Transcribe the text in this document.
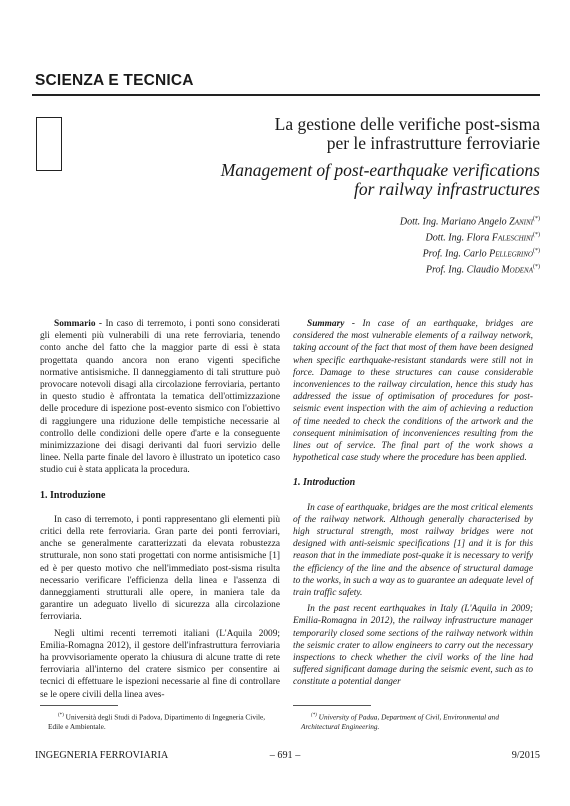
SCIENZA E TECNICA
La gestione delle verifiche post-sisma
per le infrastrutture ferroviarie
Management of post-earthquake verifications
for railway infrastructures
Dott. Ing. Mariano Angelo Zanini(*)
Dott. Ing. Flora Faleschini(*)
Prof. Ing. Carlo Pellegrino(*)
Prof. Ing. Claudio Modena(*)

Sommario - In caso di terremoto, i ponti sono considerati gli elementi più vulnerabili di una rete ferroviaria, tenendo conto anche del fatto che la maggior parte di essi è stata progettata quando ancora non erano vigenti specifiche normative antisismiche. Il danneggiamento di tali strutture può provocare notevoli disagi alla circolazione ferroviaria, pertanto in questo studio è affrontata la tematica dell'ottimizzazione delle procedure di ispezione post-evento sismico con l'obiettivo di raggiungere una riduzione delle tempistiche necessarie al controllo delle condizioni delle opere d'arte e la conseguente minimizzazione dei disagi derivanti dal fuori servizio delle linee. Nella parte finale del lavoro è illustrato un ipotetico caso studio cui è stata applicata la procedura.

1. Introduzione

In caso di terremoto, i ponti rappresentano gli elementi più critici della rete ferroviaria. Gran parte dei ponti ferroviari, anche se generalmente caratterizzati da elevata robustezza strutturale, non sono stati progettati con norme antisismiche [1] ed è per questo motivo che nell'immediato post-sisma risulta necessario verificare l'efficienza della linea e l'assenza di danneggiamenti strutturali alle opere, in maniera tale da garantire un adeguato livello di sicurezza alla circolazione ferroviaria.

Negli ultimi recenti terremoti italiani (L'Aquila 2009; Emilia-Romagna 2012), il gestore dell'infrastruttura ferroviaria ha provvisoriamente operato la chiusura di alcune tratte di rete ferroviaria all'interno del cratere sismico per consentire ai tecnici di effettuare le ispezioni necessarie al fine di controllare se le opere civili della linea aves-

Summary - In case of an earthquake, bridges are considered the most vulnerable elements of a railway network, taking account of the fact that most of them have been designed when specific earthquake-resistant standards were still not in force. Damage to these structures can cause considerable inconveniences to the railway circulation, hence this study has addressed the issue of optimisation of procedures for post-seismic event inspection with the aim of achieving a reduction of time needed to check the conditions of the artwork and the consequent minimisation of inconveniences resulting from the lines out of service. The final part of the work shows a hypothetical case study where the procedure has been applied.

1. Introduction

In case of earthquake, bridges are the most critical elements of the railway network. Although generally characterised by high structural strength, most railway bridges were not designed with anti-seismic specifications [1] and it is for this reason that in the immediate post-quake it is necessary to verify the efficiency of the line and the absence of structural damage to the works, in such a way as to guarantee an adequate level of train traffic safety.

In the past recent earthquakes in Italy (L'Aquila in 2009; Emilia-Romagna in 2012), the railway infrastructure manager temporarily closed some sections of the railway network within the seismic crater to allow engineers to carry out the necessary inspections to check whether the civil works of the line had suffered significant damage during the seismic event, such as to constitute a potential danger

(*) Università degli Studi di Padova, Dipartimento di Ingegneria Civile, Edile e Ambientale.
(*) University of Padua, Department of Civil, Environmental and Architectural Engineering.
INGEGNERIA FERROVIARIA	– 691 –	9/2015
